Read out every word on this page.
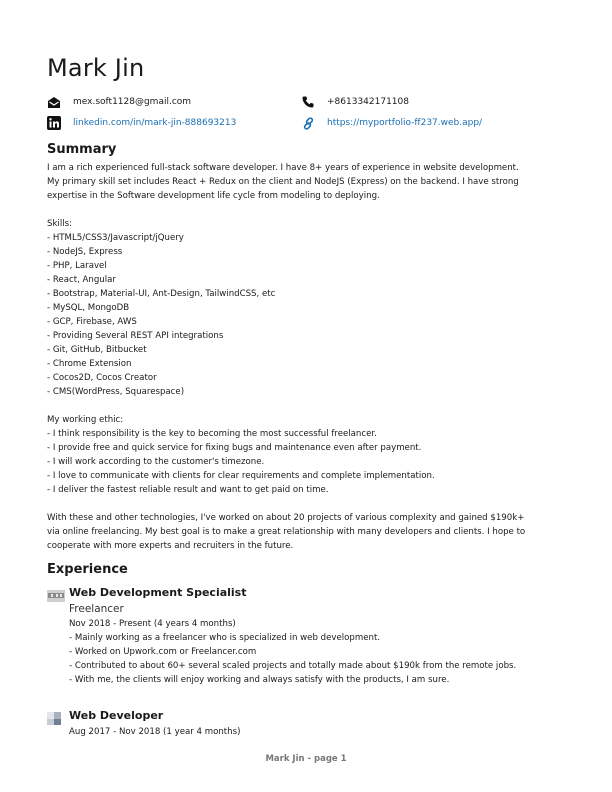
Mark Jin
mex.soft1128@gmail.com	+8613342171108
linkedin.com/in/mark-jin-888693213	https://myportfolio-ff237.web.app/
Summary
I am a rich experienced full-stack software developer. I have 8+ years of experience in website development.
My primary skill set includes React + Redux on the client and NodeJS (Express) on the backend. I have strong
expertise in the Software development life cycle from modeling to deploying.
Skills:
- HTML5/CSS3/Javascript/jQuery
- NodeJS, Express
- PHP, Laravel
- React, Angular
- Bootstrap, Material-UI, Ant-Design, TailwindCSS, etc
- MySQL, MongoDB
- GCP, Firebase, AWS
- Providing Several REST API integrations
- Git, GitHub, Bitbucket
- Chrome Extension
- Cocos2D, Cocos Creator
- CMS(WordPress, Squarespace)
My working ethic:
- I think responsibility is the key to becoming the most successful freelancer.
- I provide free and quick service for fixing bugs and maintenance even after payment.
- I will work according to the customer's timezone.
- I love to communicate with clients for clear requirements and complete implementation.
- I deliver the fastest reliable result and want to get paid on time.
With these and other technologies, I've worked on about 20 projects of various complexity and gained $190k+
via online freelancing. My best goal is to make a great relationship with many developers and clients. I hope to
cooperate with more experts and recruiters in the future.
Experience
Web Development Specialist
Freelancer
Nov 2018 - Present (4 years 4 months)
- Mainly working as a freelancer who is specialized in web development.
- Worked on Upwork.com or Freelancer.com
- Contributed to about 60+ several scaled projects and totally made about $190k from the remote jobs.
- With me, the clients will enjoy working and always satisfy with the products, I am sure.
Web Developer
Aug 2017 - Nov 2018 (1 year 4 months)
Mark Jin - page 1
